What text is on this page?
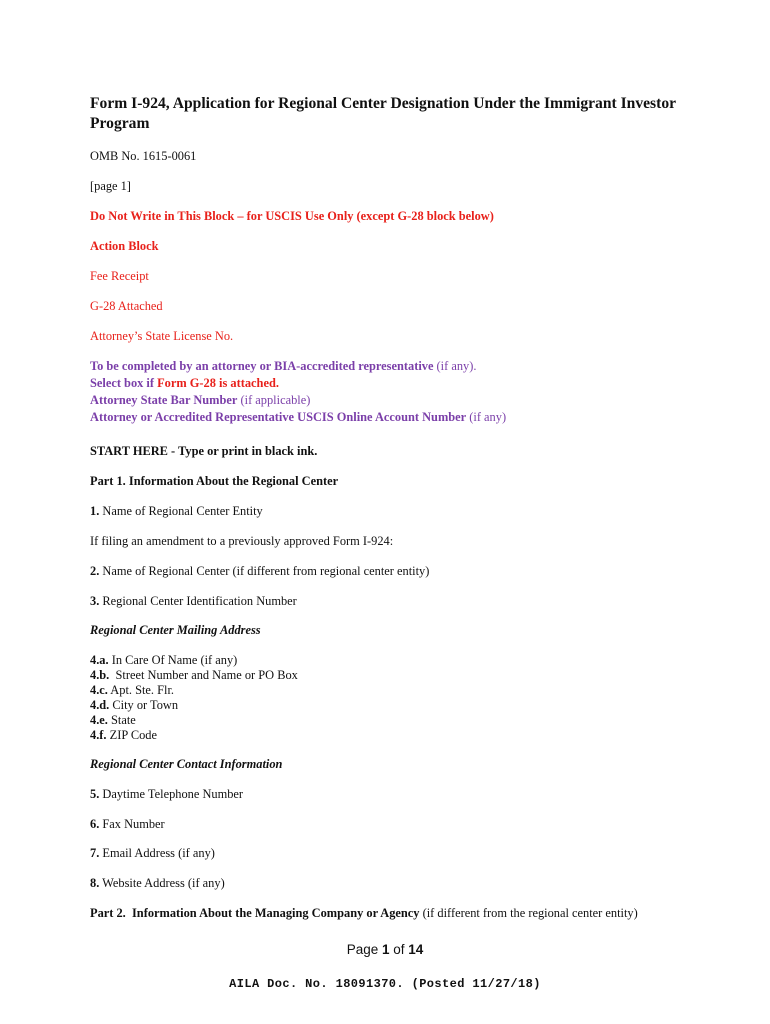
Form I-924, Application for Regional Center Designation Under the Immigrant Investor Program
OMB No. 1615-0061
[page 1]
Do Not Write in This Block – for USCIS Use Only (except G-28 block below)
Action Block
Fee Receipt
G-28 Attached
Attorney’s State License No.
To be completed by an attorney or BIA-accredited representative (if any).
Select box if Form G-28 is attached.
Attorney State Bar Number (if applicable)
Attorney or Accredited Representative USCIS Online Account Number (if any)
START HERE - Type or print in black ink.
Part 1. Information About the Regional Center
1. Name of Regional Center Entity
If filing an amendment to a previously approved Form I-924:
2. Name of Regional Center (if different from regional center entity)
3. Regional Center Identification Number
Regional Center Mailing Address
4.a. In Care Of Name (if any)
4.b.  Street Number and Name or PO Box
4.c. Apt. Ste. Flr.
4.d. City or Town
4.e. State
4.f. ZIP Code
Regional Center Contact Information
5. Daytime Telephone Number
6. Fax Number
7. Email Address (if any)
8. Website Address (if any)
Part 2.  Information About the Managing Company or Agency (if different from the regional center entity)
Page 1 of 14
AILA Doc. No. 18091370. (Posted 11/27/18)
